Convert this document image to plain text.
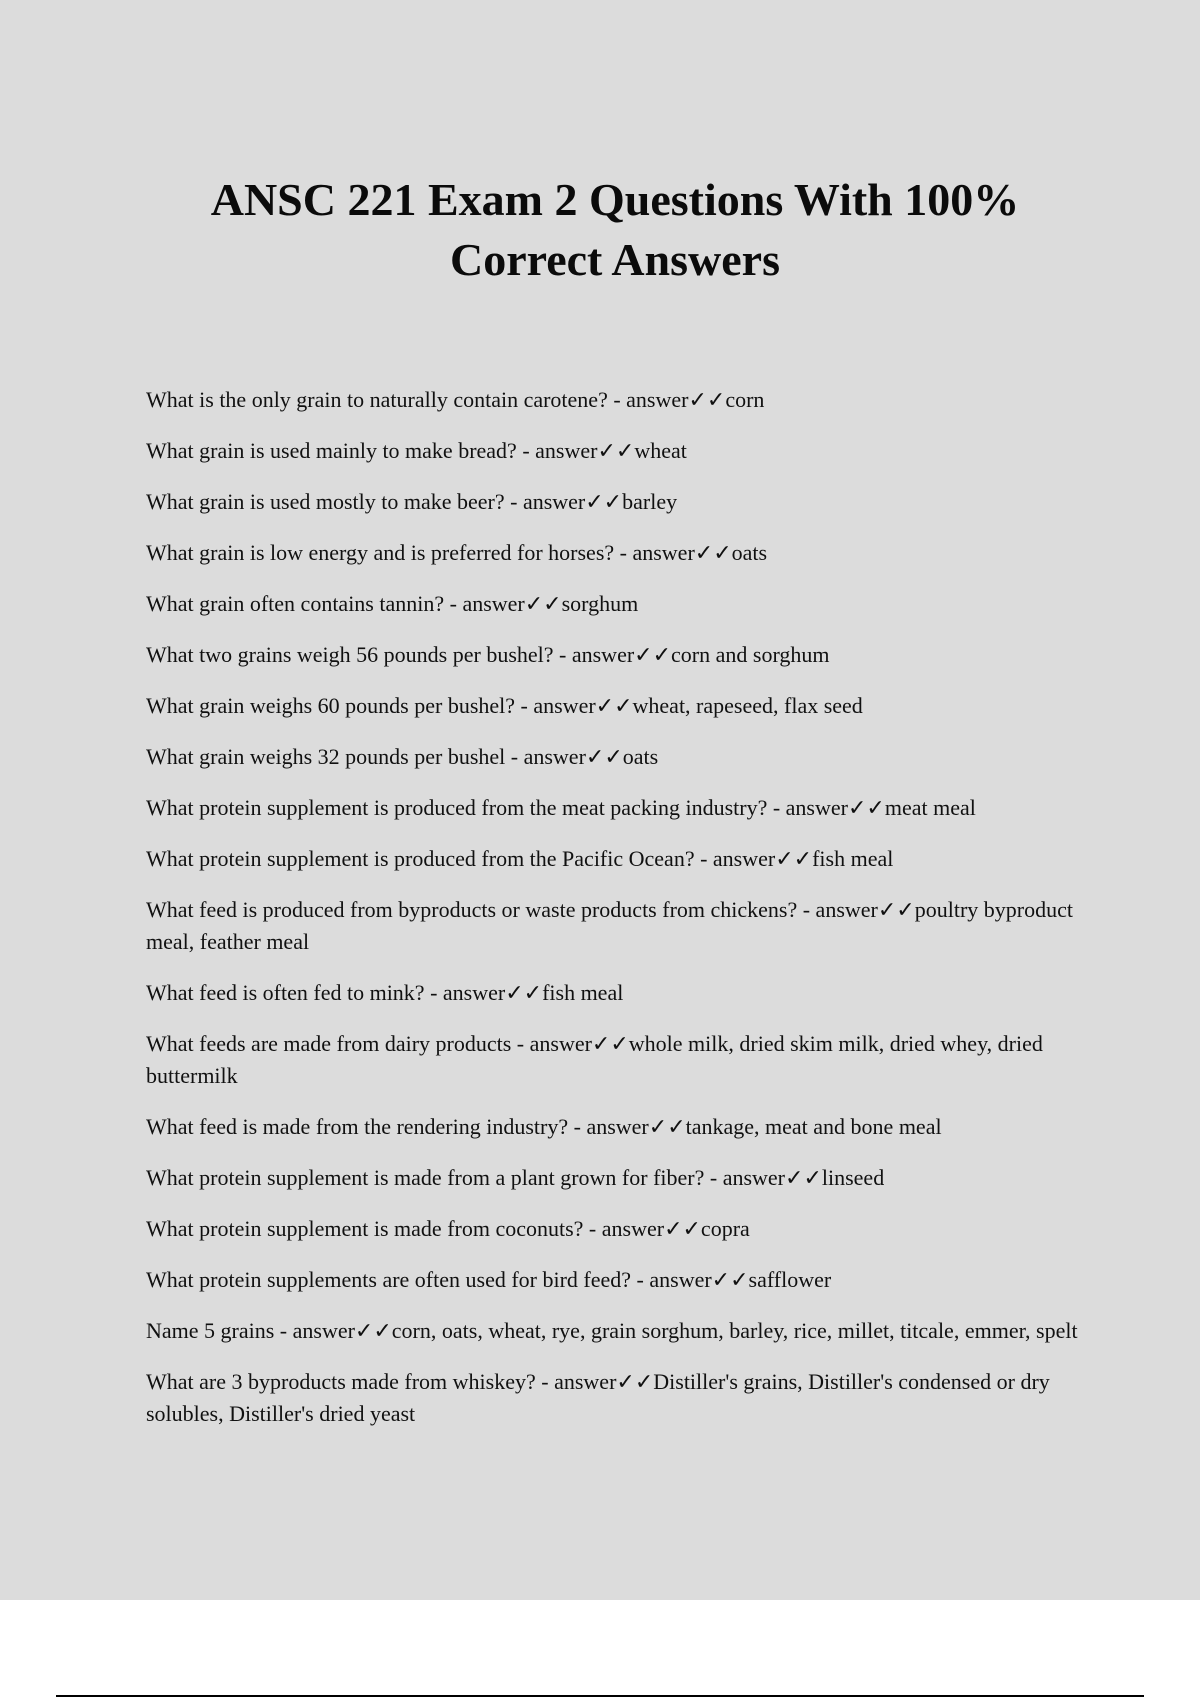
ANSC 221 Exam 2 Questions With 100%
Correct Answers
What is the only grain to naturally contain carotene? - answer✓✓corn
What grain is used mainly to make bread? - answer✓✓wheat
What grain is used mostly to make beer? - answer✓✓barley
What grain is low energy and is preferred for horses? - answer✓✓oats
What grain often contains tannin? - answer✓✓sorghum
What two grains weigh 56 pounds per bushel? - answer✓✓corn and sorghum
What grain weighs 60 pounds per bushel? - answer✓✓wheat, rapeseed, flax seed
What grain weighs 32 pounds per bushel - answer✓✓oats
What protein supplement is produced from the meat packing industry? - answer✓✓meat meal
What protein supplement is produced from the Pacific Ocean? - answer✓✓fish meal
What feed is produced from byproducts or waste products from chickens? - answer✓✓poultry byproduct meal, feather meal
What feed is often fed to mink? - answer✓✓fish meal
What feeds are made from dairy products - answer✓✓whole milk, dried skim milk, dried whey, dried buttermilk
What feed is made from the rendering industry? - answer✓✓tankage, meat and bone meal
What protein supplement is made from a plant grown for fiber? - answer✓✓linseed
What protein supplement is made from coconuts? - answer✓✓copra
What protein supplements are often used for bird feed? - answer✓✓safflower
Name 5 grains - answer✓✓corn, oats, wheat, rye, grain sorghum, barley, rice, millet, titcale, emmer, spelt
What are 3 byproducts made from whiskey? - answer✓✓Distiller's grains, Distiller's condensed or dry solubles, Distiller's dried yeast
